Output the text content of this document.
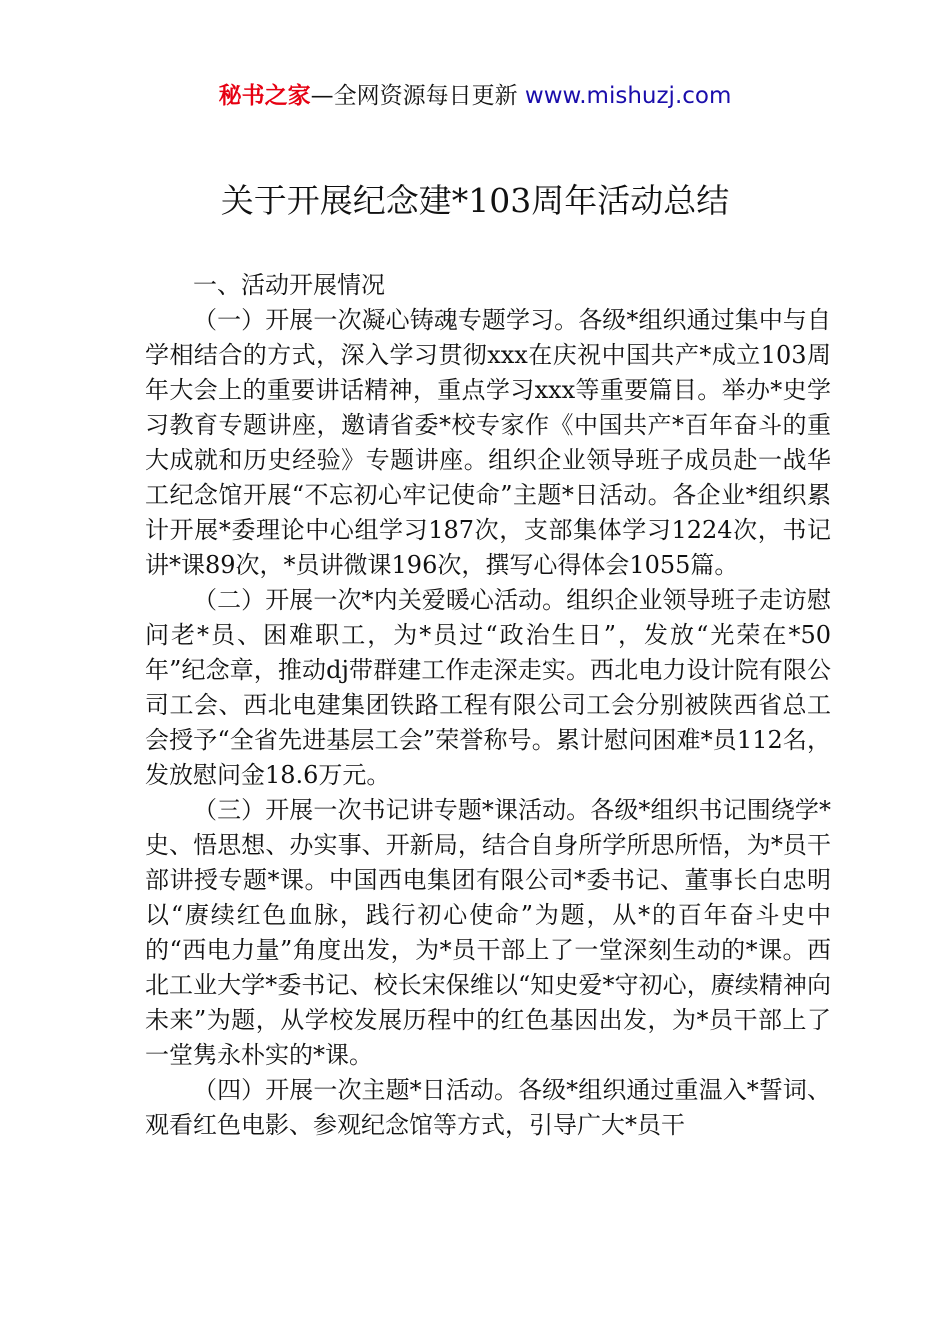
秘书之家—全网资源每日更新 www.mishuzj.com
关于开展纪念建*103周年活动总结
一、活动开展情况

（一）开展一次凝心铸魂专题学习。各级*组织通过集中与自学相结合的方式，深入学习贯彻xxx在庆祝中国共产*成立103周年大会上的重要讲话精神，重点学习xxx等重要篇目。举办*史学习教育专题讲座，邀请省委*校专家作《中国共产*百年奋斗的重大成就和历史经验》专题讲座。组织企业领导班子成员赴一战华工纪念馆开展“不忘初心牢记使命”主题*日活动。各企业*组织累计开展*委理论中心组学习187次，支部集体学习1224次，书记讲*课89次，*员讲微课196次，撰写心得体会1055篇。

（二）开展一次*内关爱暖心活动。组织企业领导班子走访慰问老*员、困难职工，为*员过“政治生日”，发放“光荣在*50年”纪念章，推动dj带群建工作走深走实。西北电力设计院有限公司工会、西北电建集团铁路工程有限公司工会分别被陕西省总工会授予“全省先进基层工会”荣誉称号。累计慰问困难*员112名，发放慰问金18.6万元。

（三）开展一次书记讲专题*课活动。各级*组织书记围绕学*史、悟思想、办实事、开新局，结合自身所学所思所悟，为*员干部讲授专题*课。中国西电集团有限公司*委书记、董事长白忠明以“赓续红色血脉，践行初心使命”为题，从*的百年奋斗史中的“西电力量”角度出发，为*员干部上了一堂深刻生动的*课。西北工业大学*委书记、校长宋保维以“知史爱*守初心，赓续精神向未来”为题，从学校发展历程中的红色基因出发，为*员干部上了一堂隽永朴实的*课。

（四）开展一次主题*日活动。各级*组织通过重温入*誓词、观看红色电影、参观纪念馆等方式，引导广大*员干
